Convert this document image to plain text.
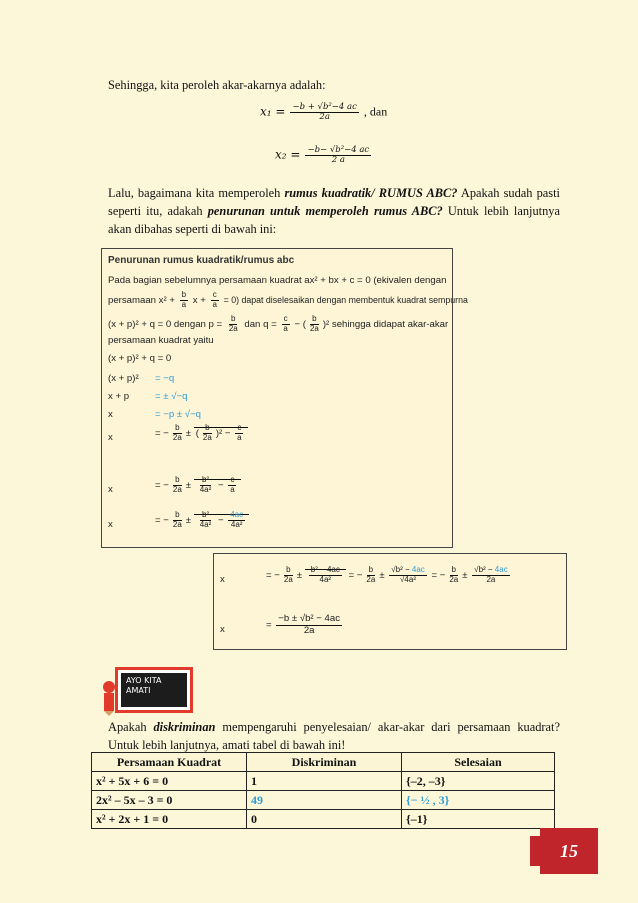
Sehingga, kita peroleh akar-akarnya adalah:
$x_1 = \frac{\text{−b + √b²−4 ac}}{2a}$ , dan
$x_2 = \frac{\text{−b− √b²−4 ac}}{2 a}$
Lalu, bagaimana kita memperoleh rumus kuadratik/ RUMUS ABC? Apakah sudah pasti seperti itu, adakah penurunan untuk memperoleh rumus ABC? Untuk lebih lanjutnya akan dibahas seperti di bawah ini:
Penurunan rumus kuadratik/rumus abc
Pada bagian sebelumnya persamaan kuadrat ax² + bx + c = 0 (ekivalen dengan
persamaan $x^2 + \frac{b}{a}$ $x + \frac{c}{a} = 0$) dapat diselesaikan dengan membentuk kuadrat sempurna
(x + p)² + q = 0 dengan $p = \frac{b}{2a}$ dan $q = \frac{c}{a}$ − ( $\frac{b}{2a} )^2$ sehingga didapat akar-akar
persamaan kuadrat yaitu
(x + p)² + q = 0
(x + p)² = −q
x + p	= ± √−q
x	= −p ± √−q
x	= − $\frac{b}{2a}$ ± ( $\frac{b}{2a} )^2 - \frac{c}{a}$
x	= − $\frac{b}{2a} \pm \frac{\text{b²}}{\text{4a²}} - \frac{c}{a}$
x	= − $\frac{b}{2a} \pm \frac{\text{b²}}{\text{4a²}} - \frac{4ac}{\text{4a²}}$
x	= − $\frac{b}{2a} \pm \frac{\text{b² − 4ac}}{\text{4a²}}$ = − $\frac{b}{2a} \pm \frac{\text{√b² − 4ac}}{\text{√4a²}}$ = − $\frac{b}{2a} \pm \frac{\text{√b² − 4ac}}{2a}$
x	= $\frac{\text{−b ± √b² − 4ac}}{2a}$
AYO KITA
AMATI
Apakah diskriminan mempengaruhi penyelesaian/ akar-akar dari persamaan kuadrat? Untuk lebih lanjutnya, amati tabel di bawah ini!
Persamaan Kuadrat	Diskriminan	Selesaian
x² + 5x + 6 = 0	1	{–2, –3}
2x² – 5x – 3 = 0	49	{− ½ , 3}
x² + 2x + 1 = 0	0	{–1}
15
